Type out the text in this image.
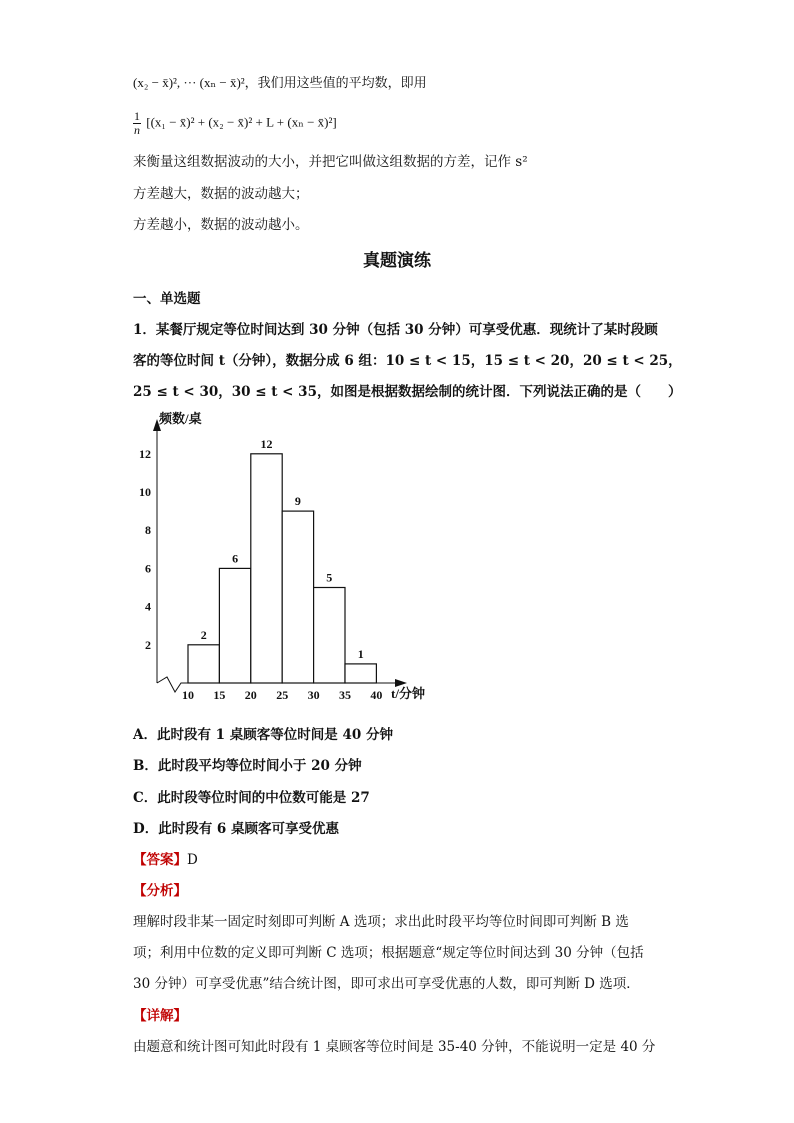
(x₂ − x̄)², ··· (xₙ − x̄)²，我们用这些值的平均数，即用
$\frac{1}{n} [(x_1$ − x̄)² + (x₂ − x̄)² + L + (xₙ − x̄)²]
来衡量这组数据波动的大小，并把它叫做这组数据的方差，记作 s²
方差越大，数据的波动越大；
方差越小，数据的波动越小。
真题演练
一、单选题
1．某餐厅规定等位时间达到 30 分钟（包括 30 分钟）可享受优惠．现统计了某时段顾
客的等位时间 t（分钟），数据分成 6 组：10 ≤ t < 15，15 ≤ t < 20，20 ≤ t < 25，
25 ≤ t < 30，30 ≤ t < 35，如图是根据数据绘制的统计图．下列说法正确的是（　　）
频数/桌
t/分钟
2
4
6
8
10
12
2
6
12
9
5
1
10 15 20 25 30 35 40
A．此时段有 1 桌顾客等位时间是 40 分钟
B．此时段平均等位时间小于 20 分钟
C．此时段等位时间的中位数可能是 27
D．此时段有 6 桌顾客可享受优惠
【答案】D
【分析】
理解时段非某一固定时刻即可判断 A 选项；求出此时段平均等位时间即可判断 B 选
项；利用中位数的定义即可判断 C 选项；根据题意“规定等位时间达到 30 分钟（包括
30 分钟）可享受优惠”结合统计图，即可求出可享受优惠的人数，即可判断 D 选项．
【详解】
由题意和统计图可知此时段有 1 桌顾客等位时间是 35-40 分钟，不能说明一定是 40 分
